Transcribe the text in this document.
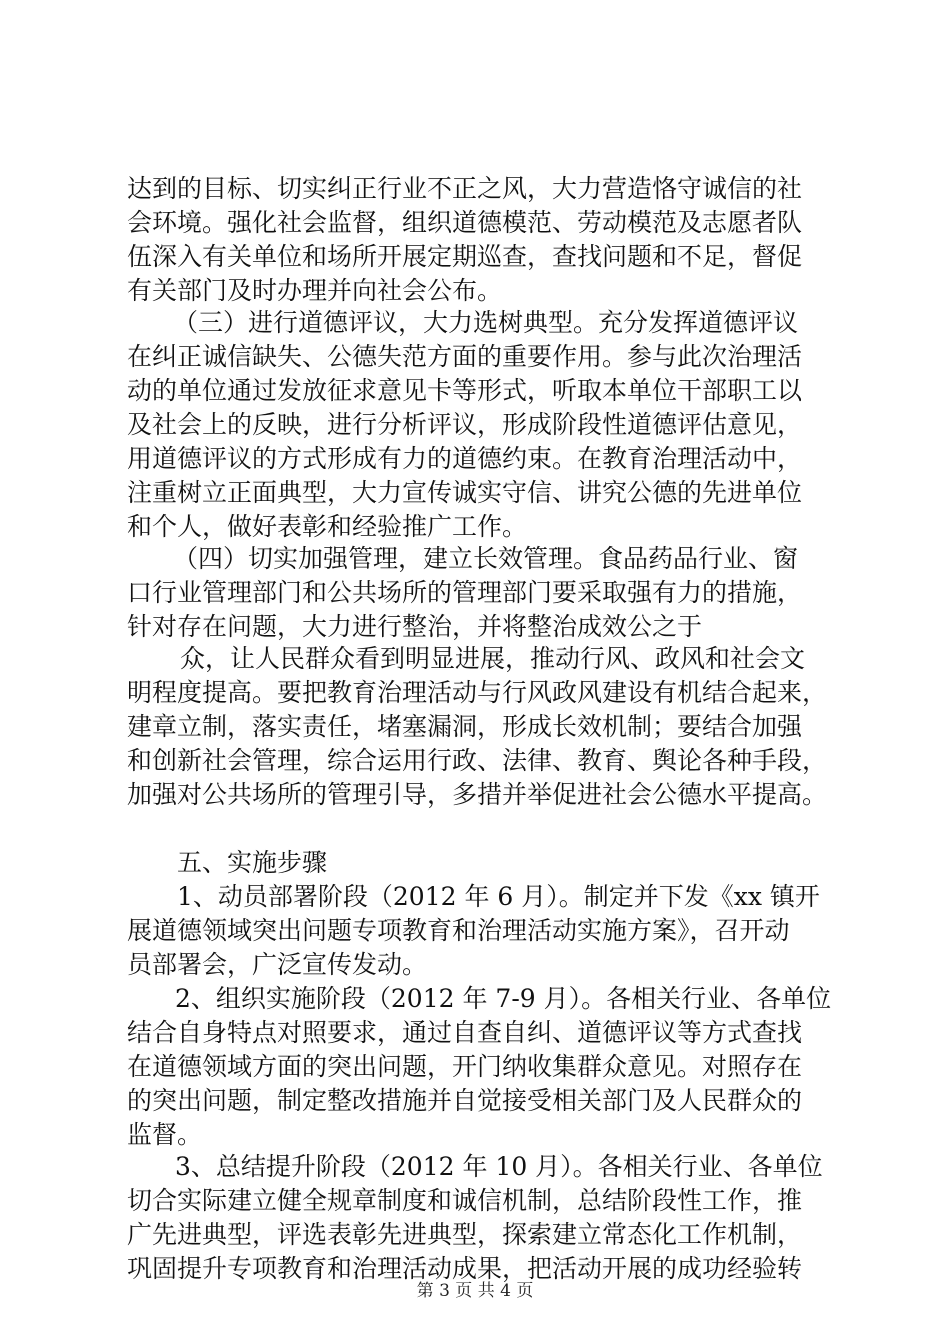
达到的目标、切实纠正行业不正之风，大力营造恪守诚信的社
会环境。强化社会监督，组织道德模范、劳动模范及志愿者队
伍深入有关单位和场所开展定期巡查，查找问题和不足，督促
有关部门及时办理并向社会公布。
（三）进行道德评议，大力选树典型。充分发挥道德评议
在纠正诚信缺失、公德失范方面的重要作用。参与此次治理活
动的单位通过发放征求意见卡等形式，听取本单位干部职工以
及社会上的反映，进行分析评议，形成阶段性道德评估意见，
用道德评议的方式形成有力的道德约束。在教育治理活动中，
注重树立正面典型，大力宣传诚实守信、讲究公德的先进单位
和个人，做好表彰和经验推广工作。
（四）切实加强管理，建立长效管理。食品药品行业、窗
口行业管理部门和公共场所的管理部门要采取强有力的措施，
针对存在问题，大力进行整治，并将整治成效公之于
众，让人民群众看到明显进展，推动行风、政风和社会文
明程度提高。要把教育治理活动与行风政风建设有机结合起来，
建章立制，落实责任，堵塞漏洞，形成长效机制；要结合加强
和创新社会管理，综合运用行政、法律、教育、舆论各种手段，
加强对公共场所的管理引导，多措并举促进社会公德水平提高。
五、实施步骤
1、动员部署阶段（2012 年 6 月）。制定并下发《xx 镇开
展道德领域突出问题专项教育和治理活动实施方案》，召开动
员部署会，广泛宣传发动。
2、组织实施阶段（2012 年 7-9 月）。各相关行业、各单位
结合自身特点对照要求，通过自查自纠、道德评议等方式查找
在道德领域方面的突出问题，开门纳收集群众意见。对照存在
的突出问题，制定整改措施并自觉接受相关部门及人民群众的
监督。
3、总结提升阶段（2012 年 10 月）。各相关行业、各单位
切合实际建立健全规章制度和诚信机制，总结阶段性工作，推
广先进典型，评选表彰先进典型，探索建立常态化工作机制，
巩固提升专项教育和治理活动成果，把活动开展的成功经验转
第 3 页 共 4 页
